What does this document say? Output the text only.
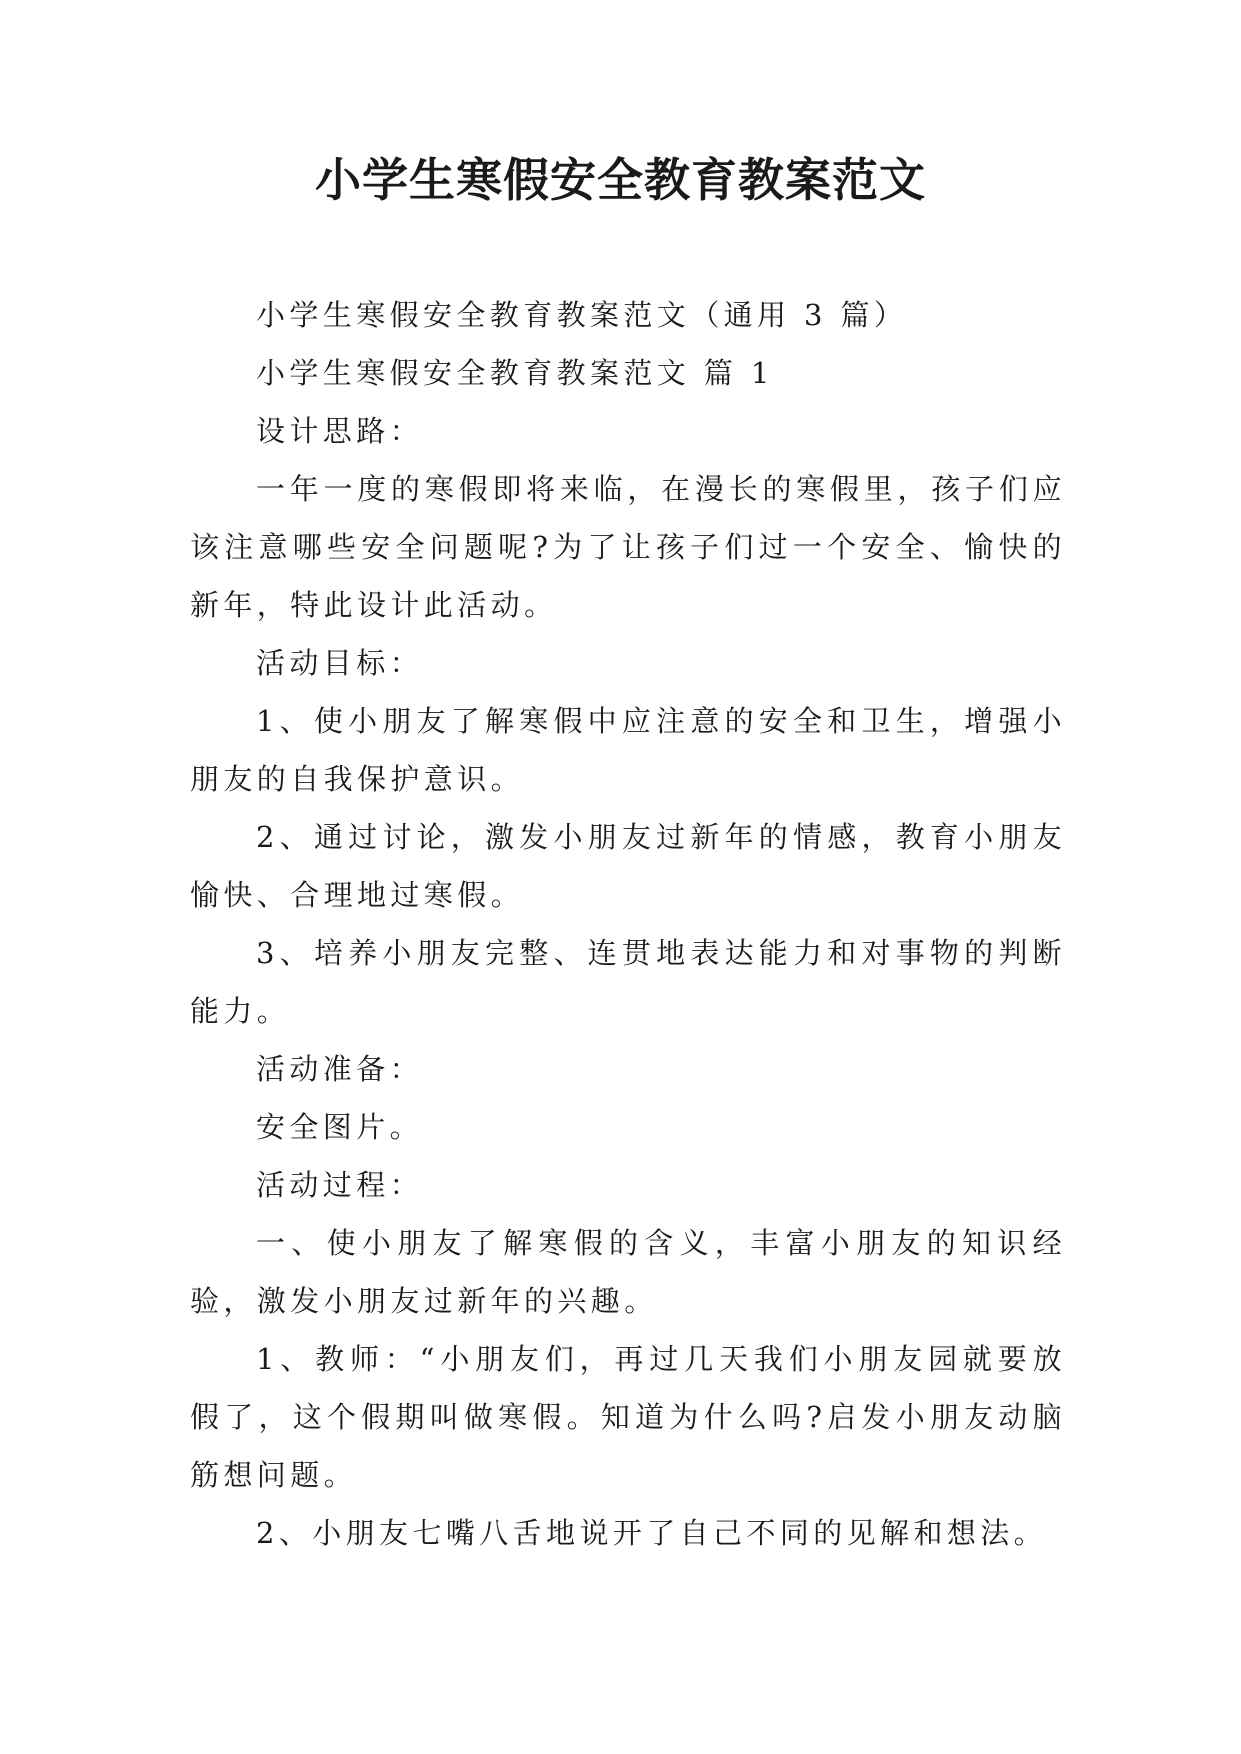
小学生寒假安全教育教案范文

小学生寒假安全教育教案范文（通用 3 篇）

小学生寒假安全教育教案范文 篇 1

设计思路：

一年一度的寒假即将来临，在漫长的寒假里，孩子们应该注意哪些安全问题呢?为了让孩子们过一个安全、愉快的新年，特此设计此活动。

活动目标：

1、使小朋友了解寒假中应注意的安全和卫生，增强小朋友的自我保护意识。

2、通过讨论，激发小朋友过新年的情感，教育小朋友愉快、合理地过寒假。

3、培养小朋友完整、连贯地表达能力和对事物的判断能力。

活动准备：

安全图片。

活动过程：

一、使小朋友了解寒假的含义，丰富小朋友的知识经验，激发小朋友过新年的兴趣。

1、教师：“小朋友们，再过几天我们小朋友园就要放假了，这个假期叫做寒假。知道为什么吗?启发小朋友动脑筋想问题。

2、小朋友七嘴八舌地说开了自己不同的见解和想法。
